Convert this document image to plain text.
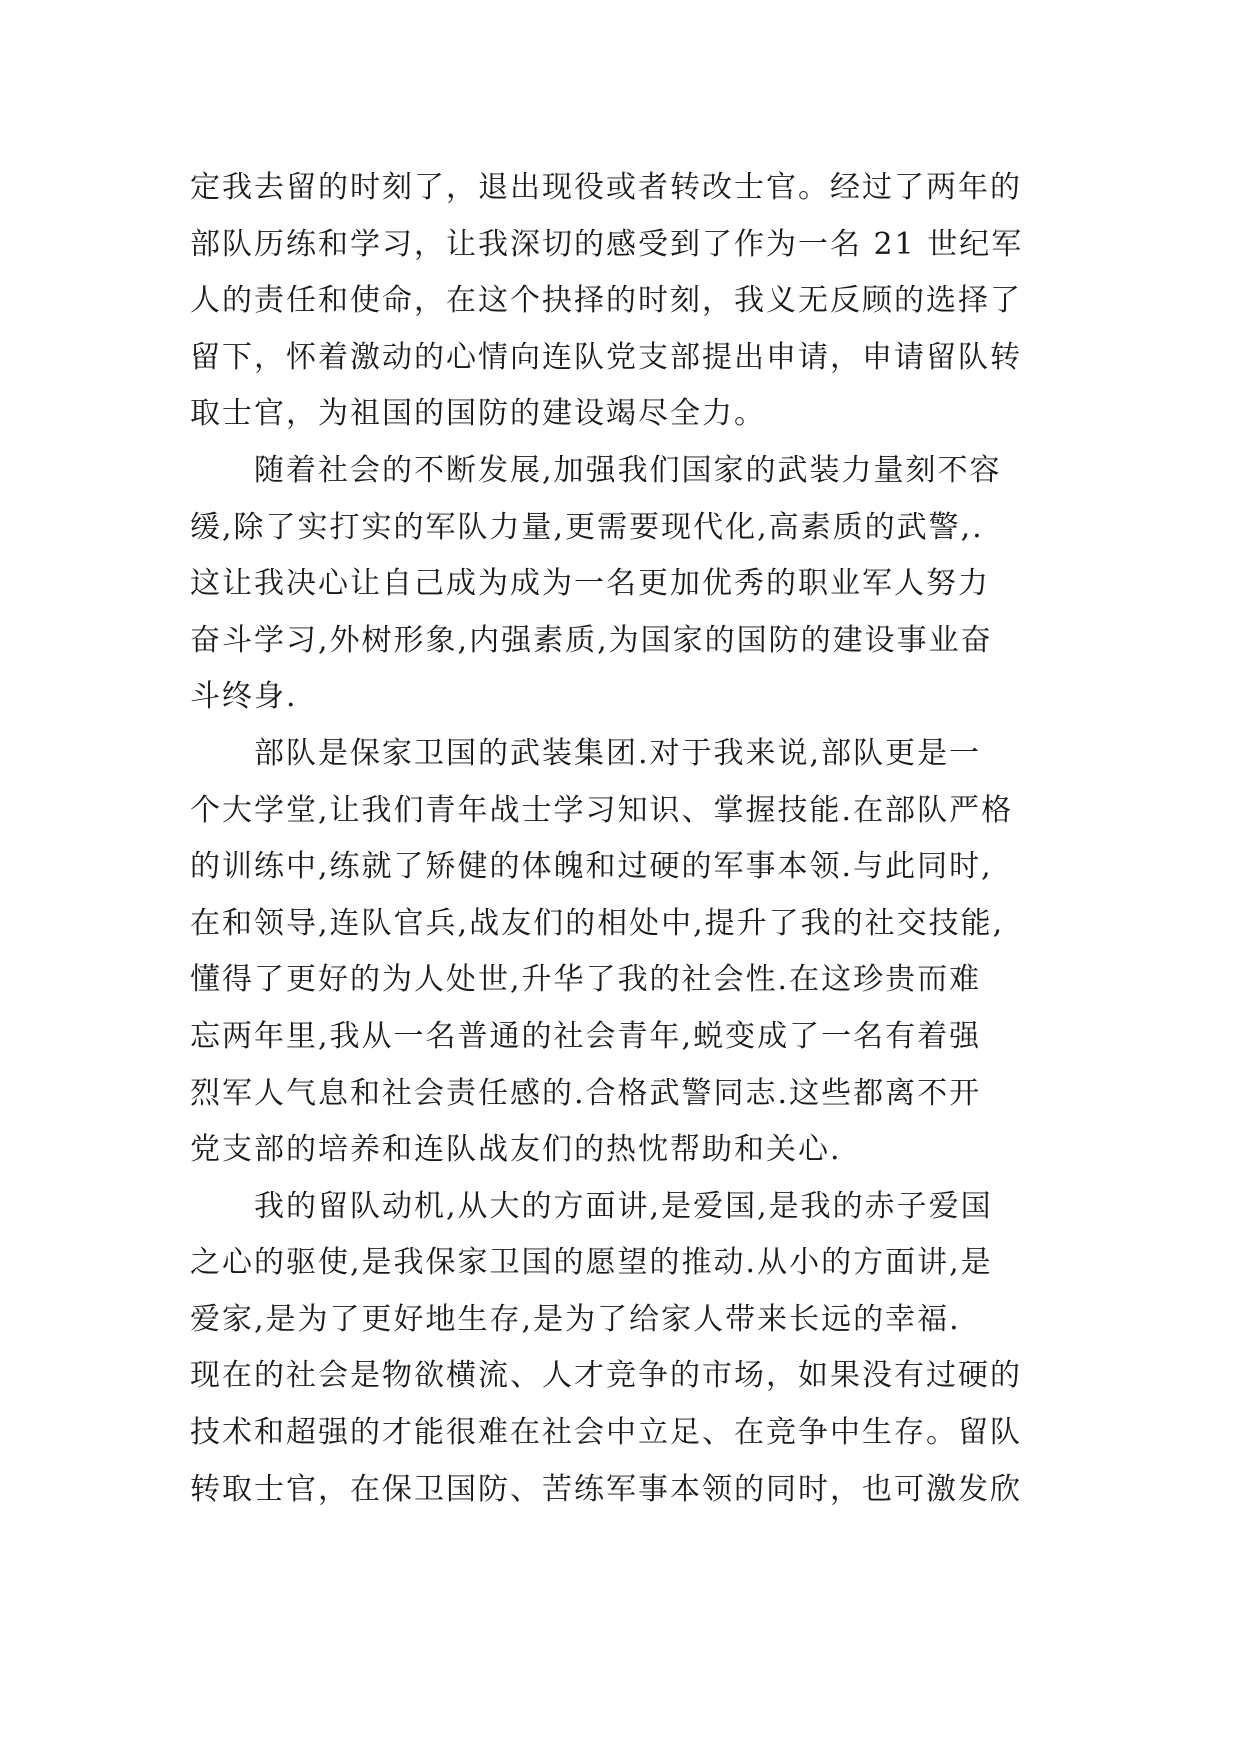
定我去留的时刻了，退出现役或者转改士官。经过了两年的
部队历练和学习，让我深切的感受到了作为一名 21 世纪军
人的责任和使命，在这个抉择的时刻，我义无反顾的选择了
留下，怀着激动的心情向连队党支部提出申请，申请留队转
取士官，为祖国的国防的建设竭尽全力。
随着社会的不断发展,加强我们国家的武装力量刻不容
缓,除了实打实的军队力量,更需要现代化,高素质的武警,.
这让我决心让自己成为成为一名更加优秀的职业军人努力
奋斗学习,外树形象,内强素质,为国家的国防的建设事业奋
斗终身.
部队是保家卫国的武装集团.对于我来说,部队更是一
个大学堂,让我们青年战士学习知识、掌握技能.在部队严格
的训练中,练就了矫健的体魄和过硬的军事本领.与此同时,
在和领导,连队官兵,战友们的相处中,提升了我的社交技能,
懂得了更好的为人处世,升华了我的社会性.在这珍贵而难
忘两年里,我从一名普通的社会青年,蜕变成了一名有着强
烈军人气息和社会责任感的.合格武警同志.这些都离不开
党支部的培养和连队战友们的热忱帮助和关心.
我的留队动机,从大的方面讲,是爱国,是我的赤子爱国
之心的驱使,是我保家卫国的愿望的推动.从小的方面讲,是
爱家,是为了更好地生存,是为了给家人带来长远的幸福.
现在的社会是物欲横流、人才竞争的市场，如果没有过硬的
技术和超强的才能很难在社会中立足、在竞争中生存。留队
转取士官，在保卫国防、苦练军事本领的同时，也可激发欣
